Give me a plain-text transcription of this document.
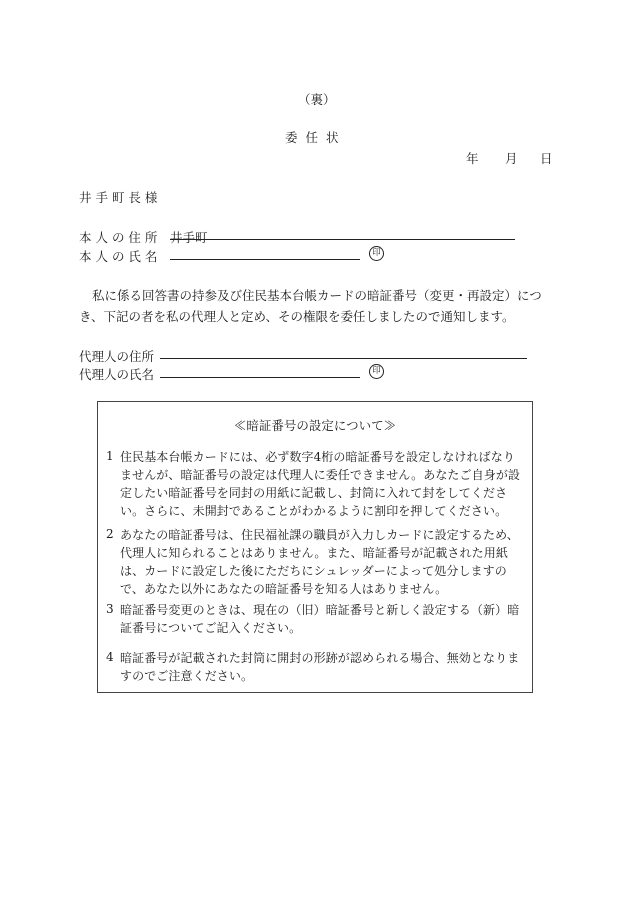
（裏）
委 任 状
年 月 日
井 手 町 長 様
本 人 の 住 所 井手町
本 人 の 氏 名	印
私に係る回答書の持参及び住民基本台帳カードの暗証番号（変更・再設定）につき、下記の者を私の代理人と定め、その権限を委任しましたので通知します。
代理人の住所
代理人の氏名	印
≪暗証番号の設定について≫
1 住民基本台帳カードには、必ず数字4桁の暗証番号を設定しなければなりませんが、暗証番号の設定は代理人に委任できません。あなたご自身が設定したい暗証番号を同封の用紙に記載し、封筒に入れて封をしてください。さらに、未開封であることがわかるように割印を押してください。
2 あなたの暗証番号は、住民福祉課の職員が入力しカードに設定するため、代理人に知られることはありません。また、暗証番号が記載された用紙は、カードに設定した後にただちにシュレッダーによって処分しますので、あなた以外にあなたの暗証番号を知る人はありません。
3 暗証番号変更のときは、現在の（旧）暗証番号と新しく設定する（新）暗証番号についてご記入ください。
4 暗証番号が記載された封筒に開封の形跡が認められる場合、無効となりますのでご注意ください。
